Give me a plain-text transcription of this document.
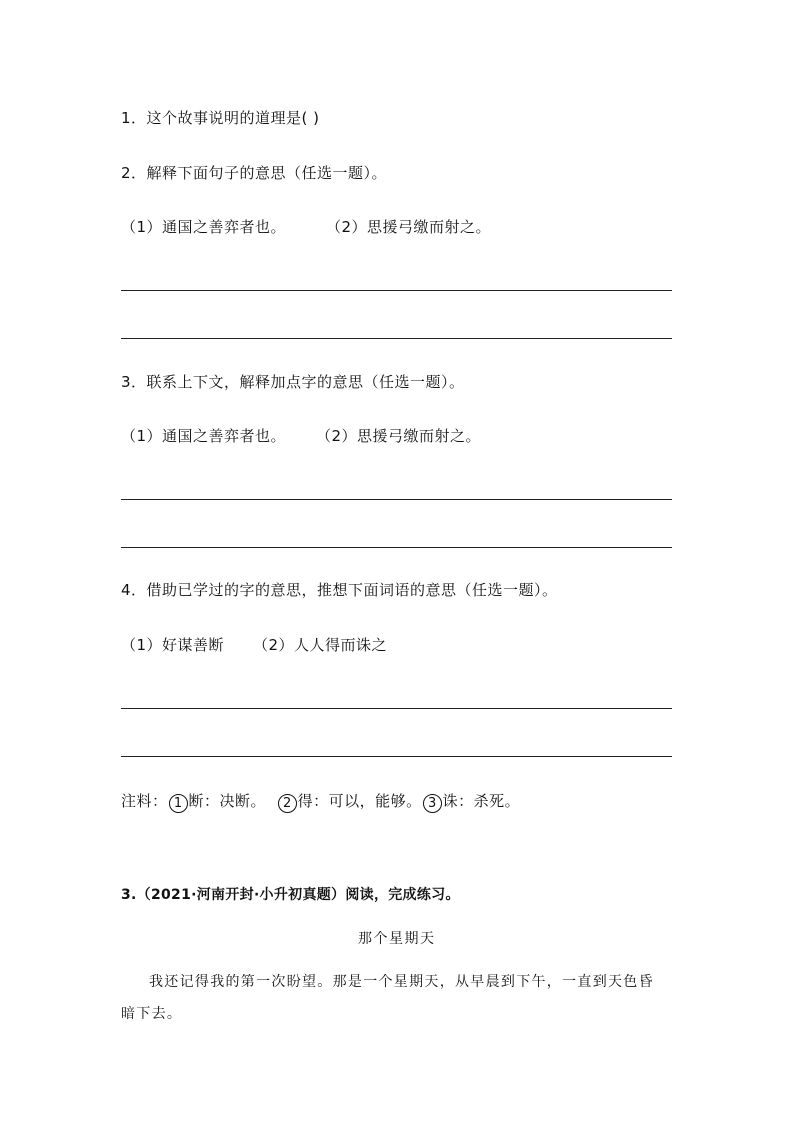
1．这个故事说明的道理是( )
2．解释下面句子的意思（任选一题）。
（1）通国之善弈者也。	（2）思援弓缴而射之。
3．联系上下文，解释加点字的意思（任选一题）。
（1）通国之善弈者也。 （2）思援弓缴而射之。
4．借助已学过的字的意思，推想下面词语的意思（任选一题）。
（1）好谋善断 （2）人人得而诛之
注料： 1 断：决断。 2 得：可以，能够。 3 诛：杀死。
3.（2021·河南开封·小升初真题）阅读，完成练习。
那个星期天
我还记得我的第一次盼望。那是一个星期天，从早晨到下午，一直到天色昏
暗下去。
